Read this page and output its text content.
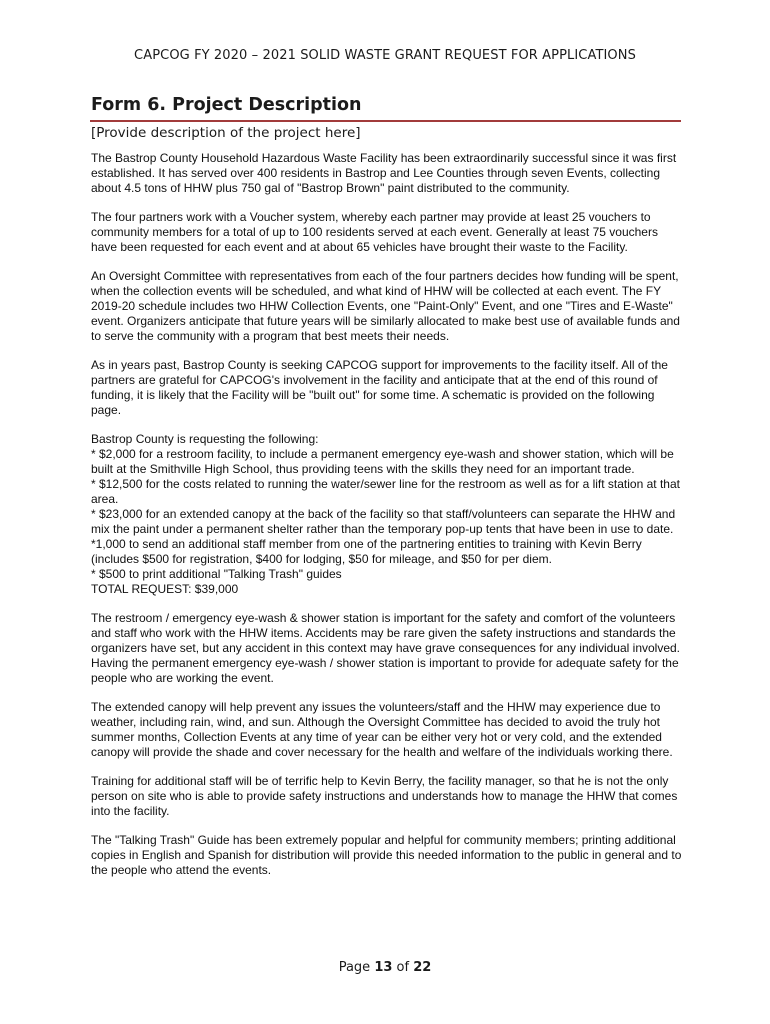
CAPCOG FY 2020 – 2021 SOLID WASTE GRANT REQUEST FOR APPLICATIONS
Form 6. Project Description
[Provide description of the project here]

The Bastrop County Household Hazardous Waste Facility has been extraordinarily successful since it was first established. It has served over 400 residents in Bastrop and Lee Counties through seven Events, collecting about 4.5 tons of HHW plus 750 gal of "Bastrop Brown" paint distributed to the community.

The four partners work with a Voucher system, whereby each partner may provide at least 25 vouchers to community members for a total of up to 100 residents served at each event. Generally at least 75 vouchers have been requested for each event and at about 65 vehicles have brought their waste to the Facility.

An Oversight Committee with representatives from each of the four partners decides how funding will be spent, when the collection events will be scheduled, and what kind of HHW will be collected at each event. The FY 2019-20 schedule includes two HHW Collection Events, one "Paint-Only" Event, and one "Tires and E-Waste" event. Organizers anticipate that future years will be similarly allocated to make best use of available funds and to serve the community with a program that best meets their needs.

As in years past, Bastrop County is seeking CAPCOG support for improvements to the facility itself. All of the partners are grateful for CAPCOG's involvement in the facility and anticipate that at the end of this round of funding, it is likely that the Facility will be "built out" for some time. A schematic is provided on the following page.

Bastrop County is requesting the following:
* $2,000 for a restroom facility, to include a permanent emergency eye-wash and shower station, which will be built at the Smithville High School, thus providing teens with the skills they need for an important trade.
* $12,500 for the costs related to running the water/sewer line for the restroom as well as for a lift station at that area.
* $23,000 for an extended canopy at the back of the facility so that staff/volunteers can separate the HHW and mix the paint under a permanent shelter rather than the temporary pop-up tents that have been in use to date.
*1,000 to send an additional staff member from one of the partnering entities to training with Kevin Berry (includes $500 for registration, $400 for lodging, $50 for mileage, and $50 for per diem.
* $500 to print additional "Talking Trash" guides
TOTAL REQUEST: $39,000

The restroom / emergency eye-wash & shower station is important for the safety and comfort of the volunteers and staff who work with the HHW items. Accidents may be rare given the safety instructions and standards the organizers have set, but any accident in this context may have grave consequences for any individual involved. Having the permanent emergency eye-wash / shower station is important to provide for adequate safety for the people who are working the event.

The extended canopy will help prevent any issues the volunteers/staff and the HHW may experience due to weather, including rain, wind, and sun. Although the Oversight Committee has decided to avoid the truly hot summer months, Collection Events at any time of year can be either very hot or very cold, and the extended canopy will provide the shade and cover necessary for the health and welfare of the individuals working there.

Training for additional staff will be of terrific help to Kevin Berry, the facility manager, so that he is not the only person on site who is able to provide safety instructions and understands how to manage the HHW that comes into the facility.

The "Talking Trash" Guide has been extremely popular and helpful for community members; printing additional copies in English and Spanish for distribution will provide this needed information to the public in general and to the people who attend the events.

Page 13 of 22
